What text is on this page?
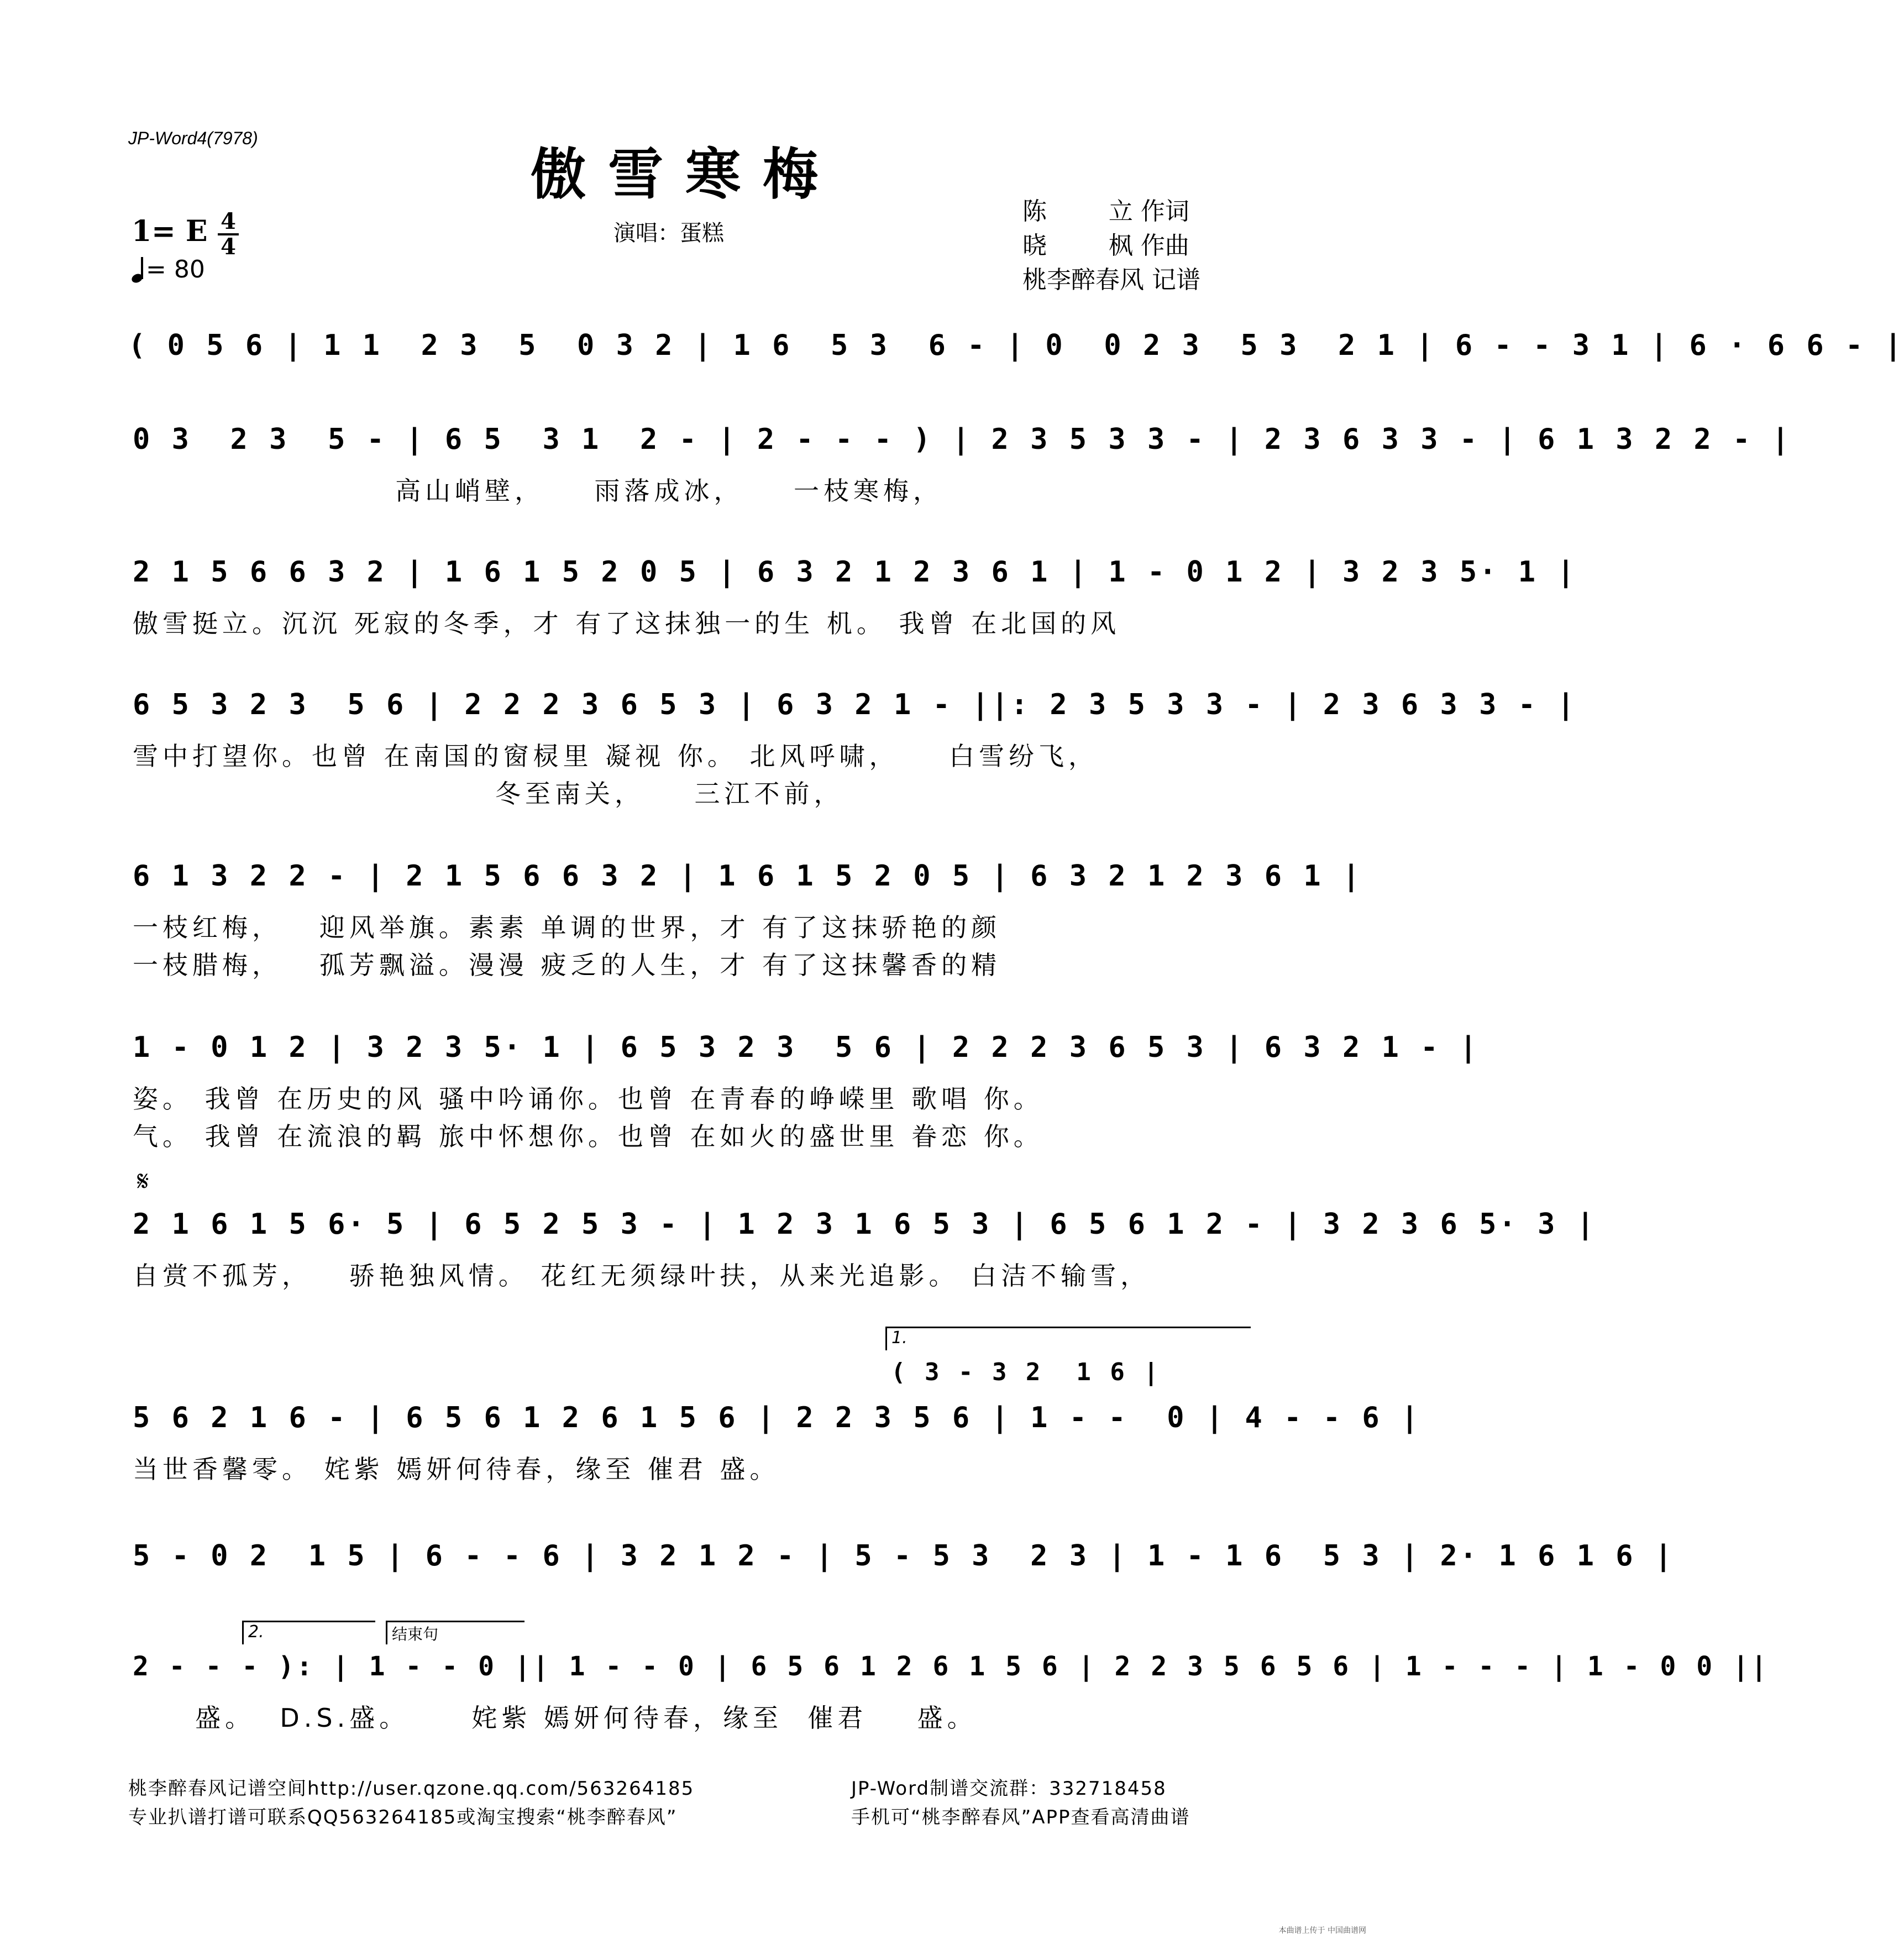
JP-Word4(7978)
傲雪寒梅
1= E 4
4
= 80
演唱：蛋糕
陈        立 作词
晓        枫 作曲
桃李醉春风 记谱
( 0 5 6 | 1 1  2 3  5  0 3 2 | 1 6  5 3  6 - | 0  0 2 3  5 3  2 1 | 6 - - 3 1 | 6 · 6 6 - |
0 3  2 3  5 - | 6 5  3 1  2 - | 2 - - - ) | 2 3 5 3 3 - | 2 3 6 3 3 - | 6 1 3 2 2 - |
高山峭壁，    雨落成冰，    一枝寒梅，
2 1 5 6 6 3 2 | 1 6 1 5 2 0 5 | 6 3 2 1 2 3 6 1 | 1 - 0 1 2 | 3 2 3 5· 1 |
傲雪挺立。沉沉 死寂的冬季，才 有了这抹独一的生 机。 我曾 在北国的风
6 5 3 2 3  5 6 | 2 2 2 3 6 5 3 | 6 3 2 1 - ||: 2 3 5 3 3 - | 2 3 6 3 3 - |
雪中打望你。也曾 在南国的窗棂里 凝视 你。 北风呼啸，    白雪纷飞，
冬至南关，    三江不前，
6 1 3 2 2 - | 2 1 5 6 6 3 2 | 1 6 1 5 2 0 5 | 6 3 2 1 2 3 6 1 |
一枝红梅，   迎风举旗。素素 单调的世界，才 有了这抹骄艳的颜
一枝腊梅，   孤芳飘溢。漫漫 疲乏的人生，才 有了这抹馨香的精
1 - 0 1 2 | 3 2 3 5· 1 | 6 5 3 2 3  5 6 | 2 2 2 3 6 5 3 | 6 3 2 1 - |
姿。 我曾 在历史的风 骚中吟诵你。也曾 在青春的峥嵘里 歌唱 你。
气。 我曾 在流浪的羁 旅中怀想你。也曾 在如火的盛世里 眷恋 你。
𝄋
2 1 6 1 5 6· 5 | 6 5 2 5 3 - | 1 2 3 1 6 5 3 | 6 5 6 1 2 - | 3 2 3 6 5· 3 |
自赏不孤芳，   骄艳独风情。 花红无须绿叶扶，从来光追影。 白洁不输雪，
1.
( 3 - 3 2  1 6 |
5 6 2 1 6 - | 6 5 6 1 2 6 1 5 6 | 2 2 3 5 6 | 1 - -  0 | 4 - - 6 |
当世香馨零。 姹紫 嫣妍何待春，缘至 催君 盛。
5 - 0 2  1 5 | 6 - - 6 | 3 2 1 2 - | 5 - 5 3  2 3 | 1 - 1 6  5 3 | 2· 1 6 1 6 |
2.	结束句
2 - - - ): | 1 - - 0 || 1 - - 0 | 6 5 6 1 2 6 1 5 6 | 2 2 3 5 6 5 6 | 1 - - - | 1 - 0 0 ||
盛。  D.S.盛。     姹紫 嫣妍何待春，缘至  催君    盛。
桃李醉春风记谱空间http://user.qzone.qq.com/563264185
专业扒谱打谱可联系QQ563264185或淘宝搜索“桃李醉春风”
JP-Word制谱交流群：332718458
手机可“桃李醉春风”APP查看高清曲谱
本曲谱上传于 中国曲谱网
